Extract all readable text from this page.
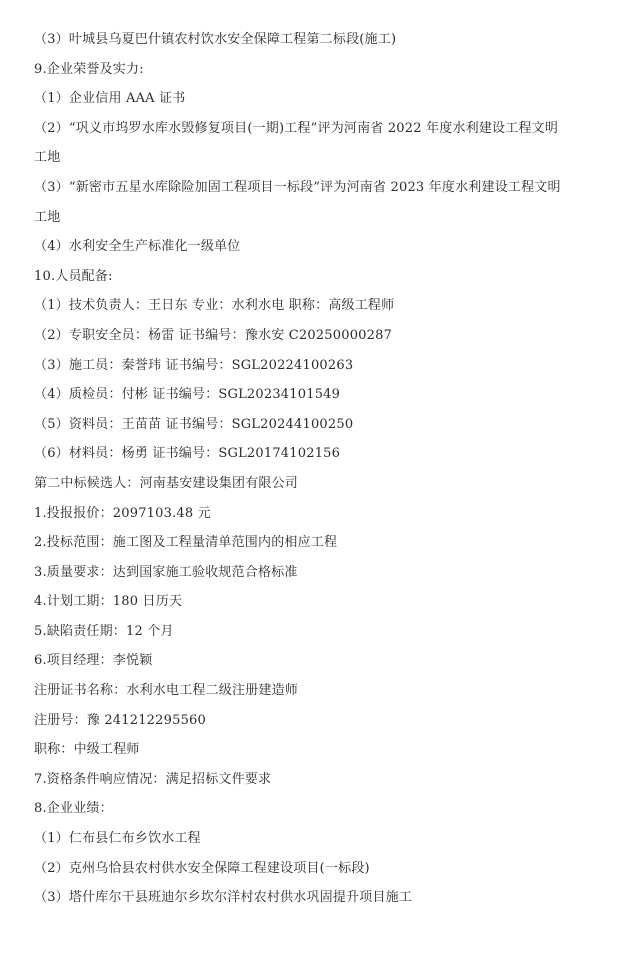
（3）叶城县乌夏巴什镇农村饮水安全保障工程第二标段(施工)
9.企业荣誉及实力:
（1）企业信用 AAA 证书
（2）“巩义市坞罗水库水毁修复项目(一期)工程”评为河南省 2022 年度水利建设工程文明
工地
（3）“新密市五星水库除险加固工程项目一标段”评为河南省 2023 年度水利建设工程文明
工地
（4）水利安全生产标准化一级单位
10.人员配备:
（1）技术负责人：王日东 专业：水利水电 职称：高级工程师
（2）专职安全员：杨雷 证书编号：豫水安 C20250000287
（3）施工员：秦誉玮 证书编号：SGL20224100263
（4）质检员：付彬 证书编号：SGL20234101549
（5）资料员：王苗苗 证书编号：SGL20244100250
（6）材料员：杨勇 证书编号：SGL20174102156
第二中标候选人：河南基安建设集团有限公司
1.投报报价：2097103.48 元
2.投标范围：施工图及工程量清单范围内的相应工程
3.质量要求：达到国家施工验收规范合格标准
4.计划工期：180 日历天
5.缺陷责任期：12 个月
6.项目经理：李悦颖
注册证书名称：水利水电工程二级注册建造师
注册号：豫 241212295560
职称：中级工程师
7.资格条件响应情况：满足招标文件要求
8.企业业绩：
（1）仁布县仁布乡饮水工程
（2）克州乌恰县农村供水安全保障工程建设项目(一标段)
（3）塔什库尔干县班迪尔乡坎尔洋村农村供水巩固提升项目施工
